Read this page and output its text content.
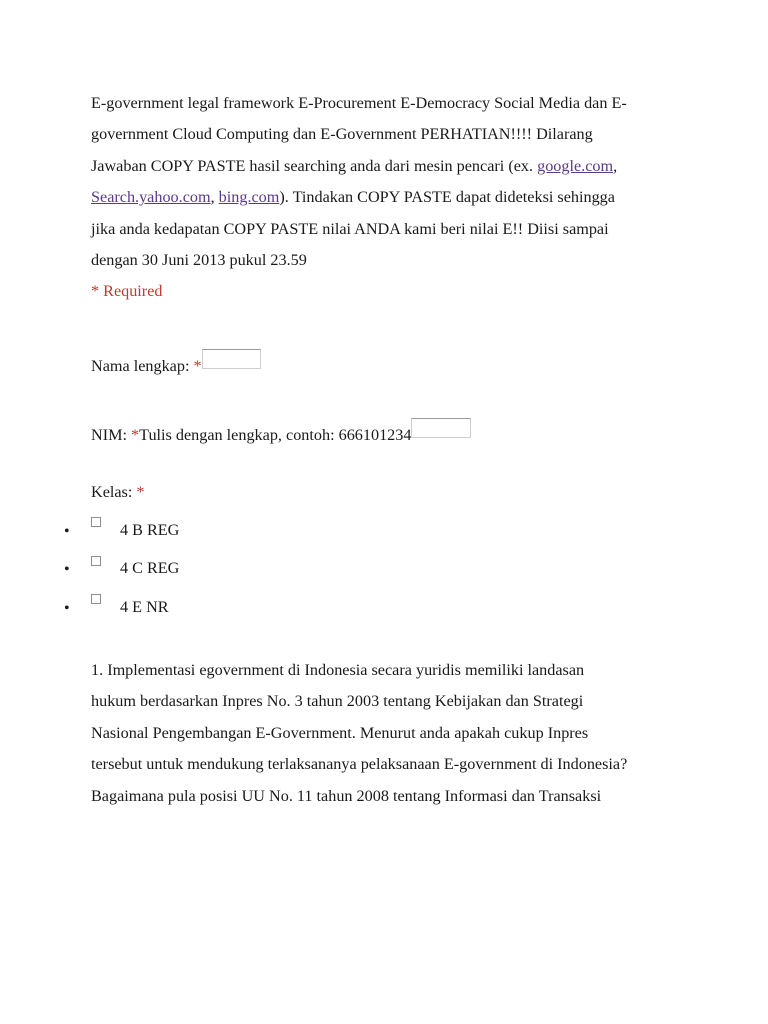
E-government legal framework E-Procurement E-Democracy Social Media dan E-
government Cloud Computing dan E-Government PERHATIAN!!!! Dilarang
Jawaban COPY PASTE hasil searching anda dari mesin pencari (ex. google.com,
Search.yahoo.com, bing.com). Tindakan COPY PASTE dapat dideteksi sehingga
jika anda kedapatan COPY PASTE nilai ANDA kami beri nilai E!! Diisi sampai
dengan 30 Juni 2013 pukul 23.59
* Required
Nama lengkap: *
NIM: *Tulis dengan lengkap, contoh: 666101234
Kelas: *
•	4 B REG
•	4 C REG
•	4 E NR
1. Implementasi egovernment di Indonesia secara yuridis memiliki landasan
hukum berdasarkan Inpres No. 3 tahun 2003 tentang Kebijakan dan Strategi
Nasional Pengembangan E-Government. Menurut anda apakah cukup Inpres
tersebut untuk mendukung terlaksananya pelaksanaan E-government di Indonesia?
Bagaimana pula posisi UU No. 11 tahun 2008 tentang Informasi dan Transaksi
